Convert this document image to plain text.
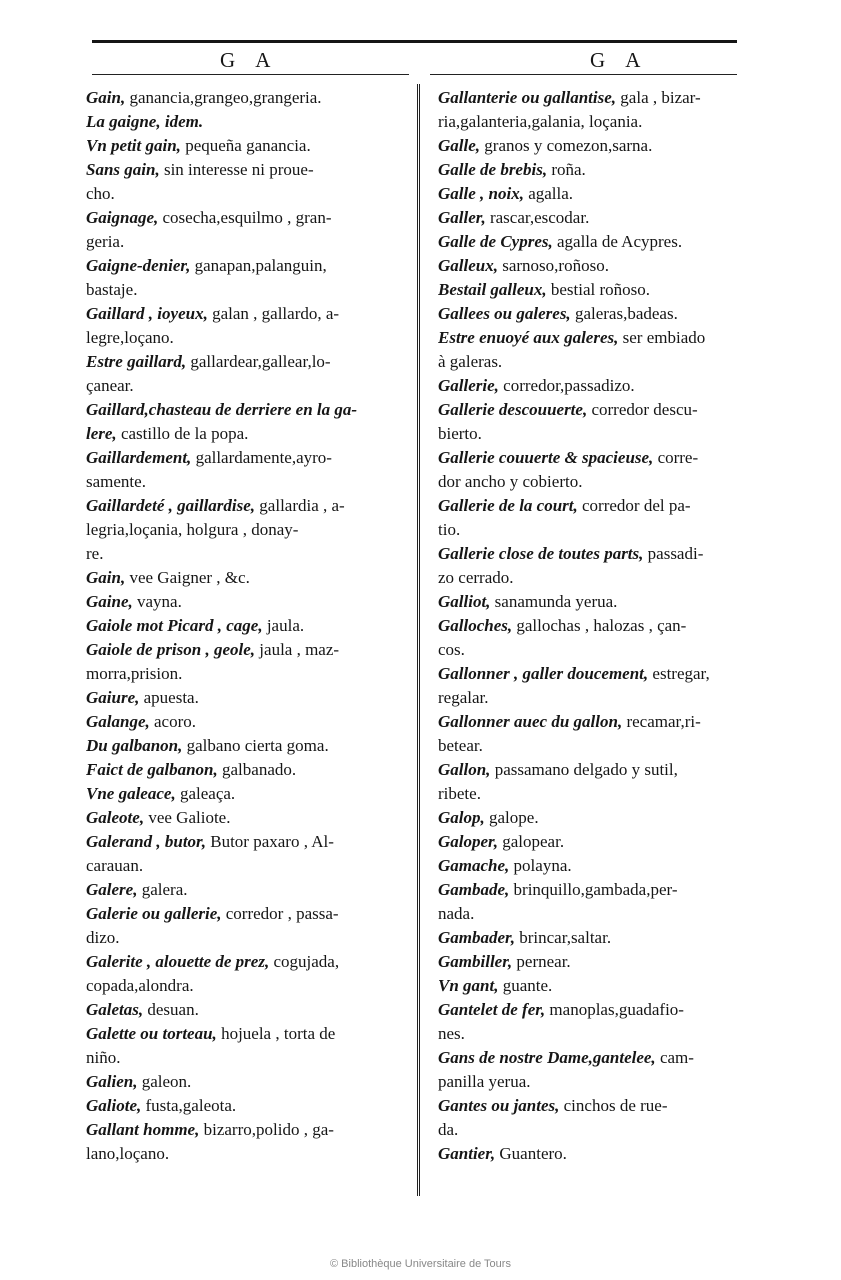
G A	G A
Gain, ganancia,grangeo,grangeria.
La gaigne, idem.
Vn petit gain, pequeña ganancia.
Sans gain, sin interesse ni proue-
cho.
Gaignage, cosecha,esquilmo , gran-
geria.
Gaigne-denier, ganapan,palanguin,
bastaje.
Gaillard , ioyeux, galan , gallardo, a-
legre,loçano.
Estre gaillard, gallardear,gallear,lo-
çanear.
Gaillard,chasteau de derriere en la ga-
lere, castillo de la popa.
Gaillardement, gallardamente,ayro-
samente.
Gaillardeté , gaillardise, gallardia , a-
legria,loçania, holgura , donay-
re.
Gain, vee Gaigner , &c.
Gaine, vayna.
Gaiole mot Picard , cage, jaula.
Gaiole de prison , geole, jaula , maz-
morra,prision.
Gaiure, apuesta.
Galange, acoro.
Du galbanon, galbano cierta goma.
Faict de galbanon, galbanado.
Vne galeace, galeaça.
Galeote, vee Galiote.
Galerand , butor, Butor paxaro , Al-
carauan.
Galere, galera.
Galerie ou gallerie, corredor , passa-
dizo.
Galerite , alouette de prez, cogujada,
copada,alondra.
Galetas, desuan.
Galette ou torteau, hojuela , torta de
niño.
Galien, galeon.
Galiote, fusta,galeota.
Gallant homme, bizarro,polido , ga-
lano,loçano.
Gallanterie ou gallantise, gala , bizar-
ria,galanteria,galania, loçania.
Galle, granos y comezon,sarna.
Galle de brebis, roña.
Galle , noix, agalla.
Galler, rascar,escodar.
Galle de Cypres, agalla de Acypres.
Galleux, sarnoso,roñoso.
Bestail galleux, bestial roñoso.
Gallees ou galeres, galeras,badeas.
Estre enuoyé aux galeres, ser embiado
à galeras.
Gallerie, corredor,passadizo.
Gallerie descouuerte, corredor descu-
bierto.
Gallerie couuerte & spacieuse, corre-
dor ancho y cobierto.
Gallerie de la court, corredor del pa-
tio.
Gallerie close de toutes parts, passadi-
zo cerrado.
Galliot, sanamunda yerua.
Galloches, gallochas , halozas , çan-
cos.
Gallonner , galler doucement, estregar,
regalar.
Gallonner auec du gallon, recamar,ri-
betear.
Gallon, passamano delgado y sutil,
ribete.
Galop, galope.
Galoper, galopear.
Gamache, polayna.
Gambade, brinquillo,gambada,per-
nada.
Gambader, brincar,saltar.
Gambiller, pernear.
Vn gant, guante.
Gantelet de fer, manoplas,guadafio-
nes.
Gans de nostre Dame,gantelee, cam-
panilla yerua.
Gantes ou jantes, cinchos de rue-
da.
Gantier, Guantero.
© Bibliothèque Universitaire de Tours
